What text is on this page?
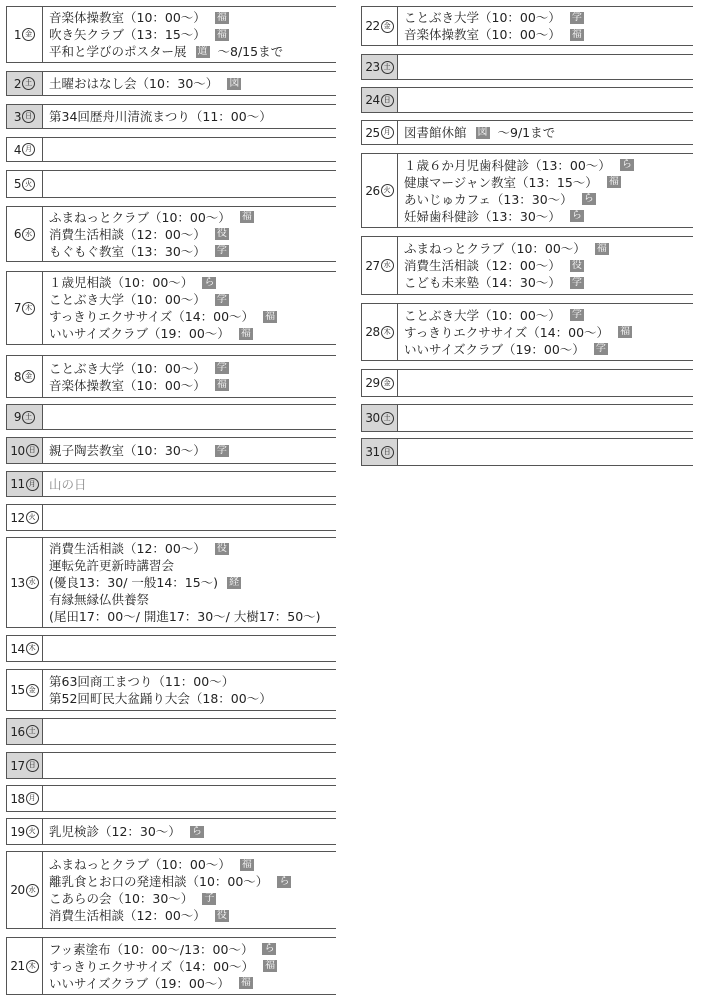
1 金
音楽体操教室（10：00〜） 福
吹き矢クラブ（13：15〜） 福
平和と学びのポスター展 道 〜8/15まで
2 土 土曜おはなし会（10：30〜） 図
3 日 第34回歴舟川清流まつり（11：00〜）
4 月
5 火
6 水
ふまねっとクラブ（10：00〜） 福
消費生活相談（12：00〜） 役
もぐもぐ教室（13：30〜） 学
7 木
１歳児相談（10：00〜） ら
ことぶき大学（10：00〜） 学
すっきりエクササイズ（14：00〜） 福
いいサイズクラブ（19：00〜） 福
8 金
ことぶき大学（10：00〜） 学
音楽体操教室（10：00〜） 福
9 土
10 日 親子陶芸教室（10：30〜） 学
11 月 山の日
12 火
13 水
消費生活相談（12：00〜） 役
運転免許更新時講習会
(優良13：30/ 一般14：15〜) 経
有縁無縁仏供養祭
(尾田17：00〜/ 開進17：30〜/ 大樹17：50〜)
14 木
15 金
第63回商工まつり（11：00〜）
第52回町民大盆踊り大会（18：00〜）
16 土
17 日
18 月
19 火 乳児検診（12：30〜） ら
20 水
ふまねっとクラブ（10：00〜） 福
離乳食とお口の発達相談（10：00〜） ら
こあらの会（10：30〜） 子
消費生活相談（12：00〜） 役
21 木
フッ素塗布（10：00〜/13：00〜） ら
すっきりエクササイズ（14：00〜） 福
いいサイズクラブ（19：00〜） 福
22 金
ことぶき大学（10：00〜） 学
音楽体操教室（10：00〜） 福
23 土
24 日
25 月 図書館休館 図 〜9/1まで
26 火
１歳６か月児歯科健診（13：00〜） ら
健康マージャン教室（13：15〜） 福
あいじゅカフェ（13：30〜） ら
妊婦歯科健診（13：30〜） ら
27 水
ふまねっとクラブ（10：00〜） 福
消費生活相談（12：00〜） 役
こども未来塾（14：30〜） 学
28 木
ことぶき大学（10：00〜） 学
すっきりエクササイズ（14：00〜） 福
いいサイズクラブ（19：00〜） 学
29 金
30 土
31 日
